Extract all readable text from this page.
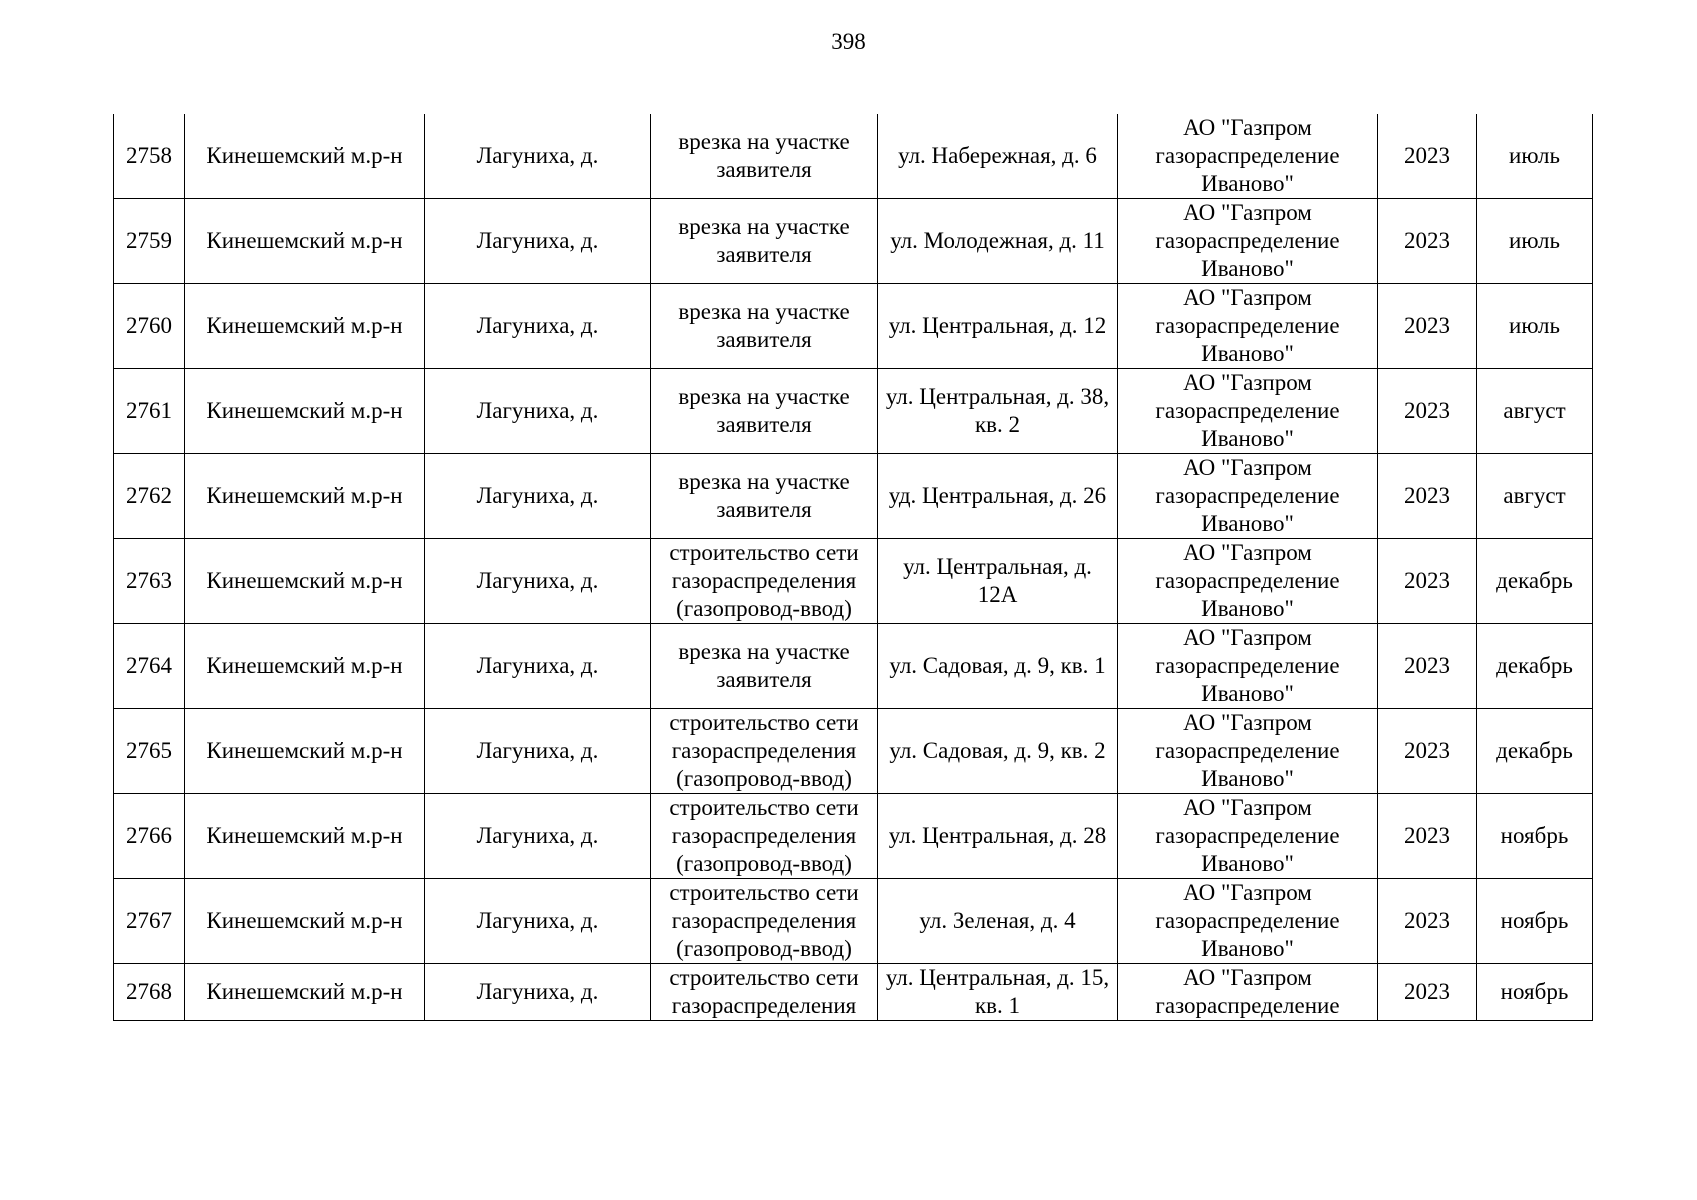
398
2758	Кинешемский м.р-н	Лагуниха, д.	врезка на участке заявителя	ул. Набережная, д. 6	АО "Газпром газораспределение Иваново"	2023	июль
2759	Кинешемский м.р-н	Лагуниха, д.	врезка на участке заявителя	ул. Молодежная, д. 11	АО "Газпром газораспределение Иваново"	2023	июль
2760	Кинешемский м.р-н	Лагуниха, д.	врезка на участке заявителя	ул. Центральная, д. 12	АО "Газпром газораспределение Иваново"	2023	июль
2761	Кинешемский м.р-н	Лагуниха, д.	врезка на участке заявителя	ул. Центральная, д. 38, кв. 2	АО "Газпром газораспределение Иваново"	2023	август
2762	Кинешемский м.р-н	Лагуниха, д.	врезка на участке заявителя	уд. Центральная, д. 26	АО "Газпром газораспределение Иваново"	2023	август
2763	Кинешемский м.р-н	Лагуниха, д.	строительство сети газораспределения (газопровод-ввод)	ул. Центральная, д. 12А	АО "Газпром газораспределение Иваново"	2023	декабрь
2764	Кинешемский м.р-н	Лагуниха, д.	врезка на участке заявителя	ул. Садовая, д. 9, кв. 1	АО "Газпром газораспределение Иваново"	2023	декабрь
2765	Кинешемский м.р-н	Лагуниха, д.	строительство сети газораспределения (газопровод-ввод)	ул. Садовая, д. 9, кв. 2	АО "Газпром газораспределение Иваново"	2023	декабрь
2766	Кинешемский м.р-н	Лагуниха, д.	строительство сети газораспределения (газопровод-ввод)	ул. Центральная, д. 28	АО "Газпром газораспределение Иваново"	2023	ноябрь
2767	Кинешемский м.р-н	Лагуниха, д.	строительство сети газораспределения (газопровод-ввод)	ул. Зеленая, д. 4	АО "Газпром газораспределение Иваново"	2023	ноябрь
2768	Кинешемский м.р-н	Лагуниха, д.	строительство сети газораспределения	ул. Центральная, д. 15, кв. 1	АО "Газпром газораспределение	2023	ноябрь
